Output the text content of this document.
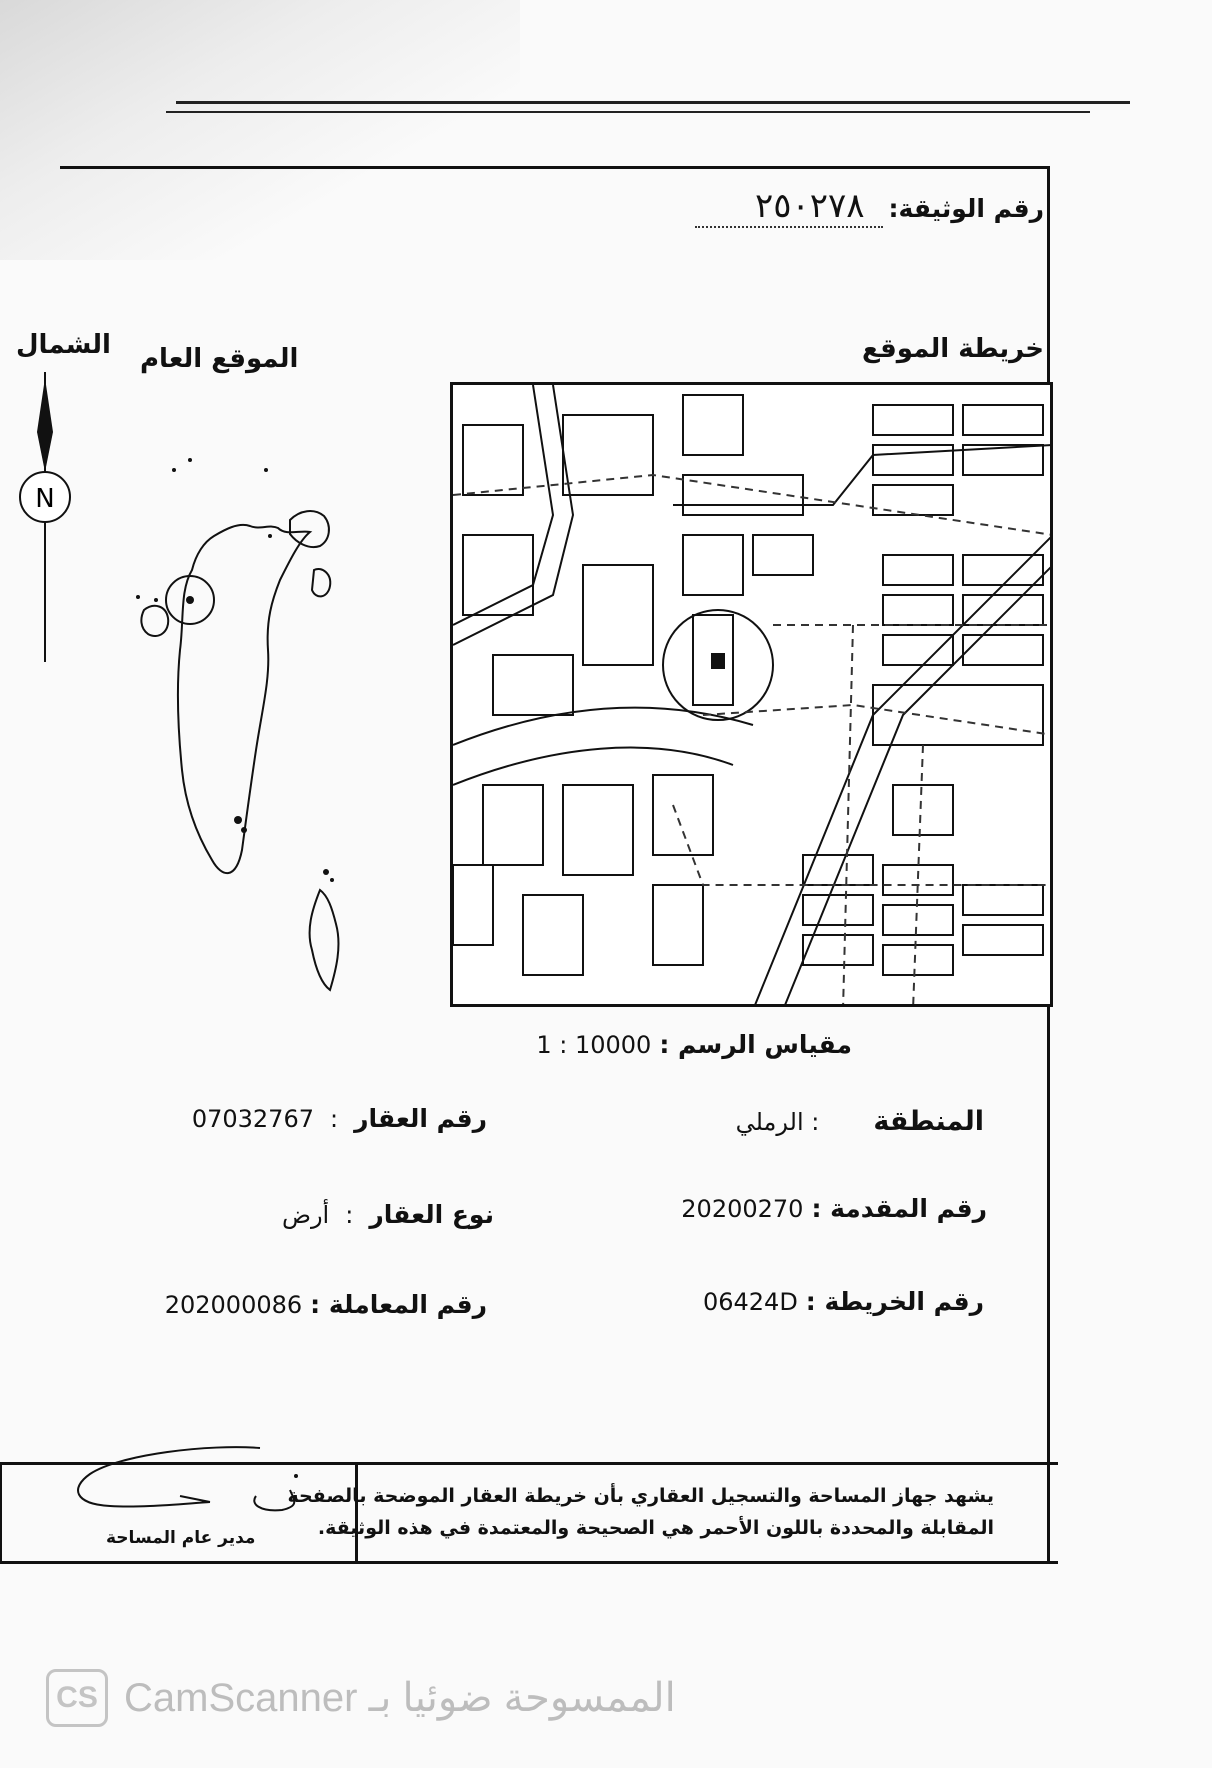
رقم الوثيقة:
٢٥٠٢٧٨
خريطة الموقع
الموقع العام
الشمال
N
مقياس الرسم :
1 : 10000
رقم العقار
:
07032767
نوع العقار
:
أرض
رقم المعاملة :
202000086
المنطقة
: الرملي
رقم المقدمة :
20200270
رقم الخريطة :
06424D
يشهد جهاز المساحة والتسجيل العقاري بأن خريطة العقار الموضحة بالصفحة
المقابلة والمحددة باللون الأحمر هي الصحيحة والمعتمدة في هذه الوثيقة.
مدير عام المساحة
CS CamScanner الممسوحة ضوئيا بـ
